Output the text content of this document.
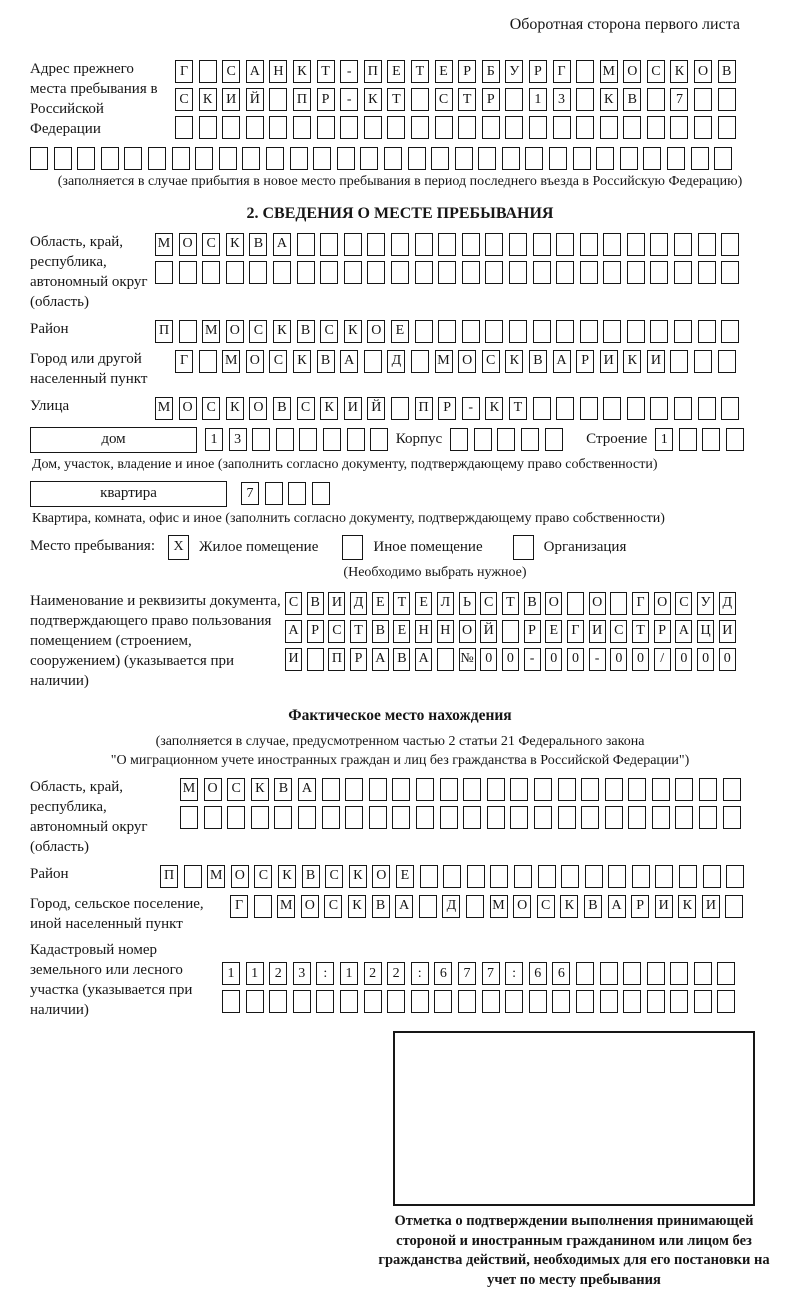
Оборотная сторона первого листа
Адрес прежнего места пребывания в Российской Федерации
Г	С А Н К	Т	-	П	Е	Т	Е	Р	Б	У	Р	Г	М О С	К О В
С	К И Й	П	Р	-	К	Т	С	Т	Р	1	3	К	В	7
(заполняется в случае прибытия в новое место пребывания в период последнего въезда в Российскую Федерацию)
2. СВЕДЕНИЯ О МЕСТЕ ПРЕБЫВАНИЯ
Область, край, республика, автономный округ (область)
М О С	К	В А
Район	П	М О С	К	В	С	К О	Е
Город или другой населенный пункт
Г	М О С	К	В А	Д	М О С	К	В А	Р	И К И
Улица	М О С	К О В	С	К И Й	П	Р	-	К	Т
дом	1	3	Корпус	Строение 1
Дом, участок, владение и иное (заполнить согласно документу, подтверждающему право собственности)
квартира	7
Квартира, комната, офис и иное (заполнить согласно документу, подтверждающему право собственности)
Место пребывания:	X	Жилое помещение	Иное помещение	Организация
(Необходимо выбрать нужное)
Наименование и реквизиты документа, подтверждающего право пользования помещением (строением, сооружением) (указывается при наличии)
С В И Д Е Т Е Л Ь С Т В О О	Г О С У Д
А Р С Т В Е Н Н О Й	Р Е Г И С Т Р А Ц И
И П Р А В А № 0	0	-	0	0	-	0	0	/	0	0	0
Фактическое место нахождения
(заполняется в случае, предусмотренном частью 2 статьи 21 Федерального закона
"О миграционном учете иностранных граждан и лиц без гражданства в Российской Федерации")
Область, край, республика, автономный округ (область)
М О С	К	В А
Район	П	М О С	К	В	С	К О	Е
Город, сельское поселение, иной населенный пункт
Г	М О С	К	В А	Д	М О С	К	В А	Р	И К И
Кадастровый номер земельного или лесного участка (указывается при наличии)
1	1	2	3	:	1	2	2	:	6	7	7	:	6	6
Отметка о подтверждении выполнения принимающей стороной и иностранным гражданином или лицом без гражданства действий, необходимых для его постановки на учет по месту пребывания
